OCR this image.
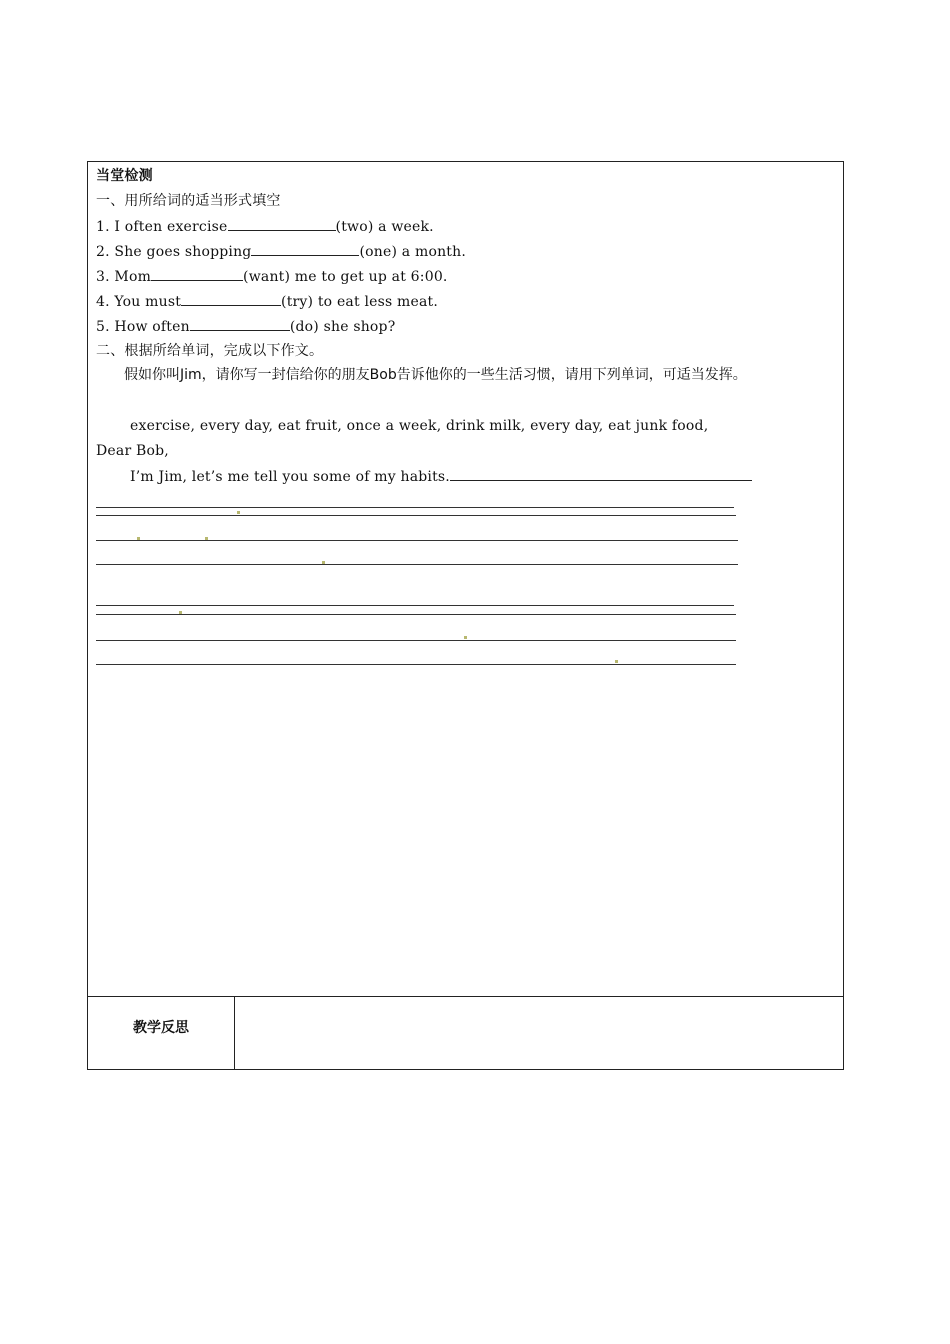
当堂检测
一、用所给词的适当形式填空
1. I often exercise	(two) a week.
2. She goes shopping	(one) a month.
3. Mom	(want) me to get up at 6:00.
4. You must	(try) to eat less meat.
5. How often	(do) she shop?
二、根据所给单词，完成以下作文。
假如你叫Jim，请你写一封信给你的朋友Bob告诉他你的一些生活习惯，请用下列单词，可适当发挥。
exercise, every day, eat fruit, once a week, drink milk, every day, eat junk food,
Dear Bob,
I’m Jim, let’s me tell you some of my habits.
教学反思
